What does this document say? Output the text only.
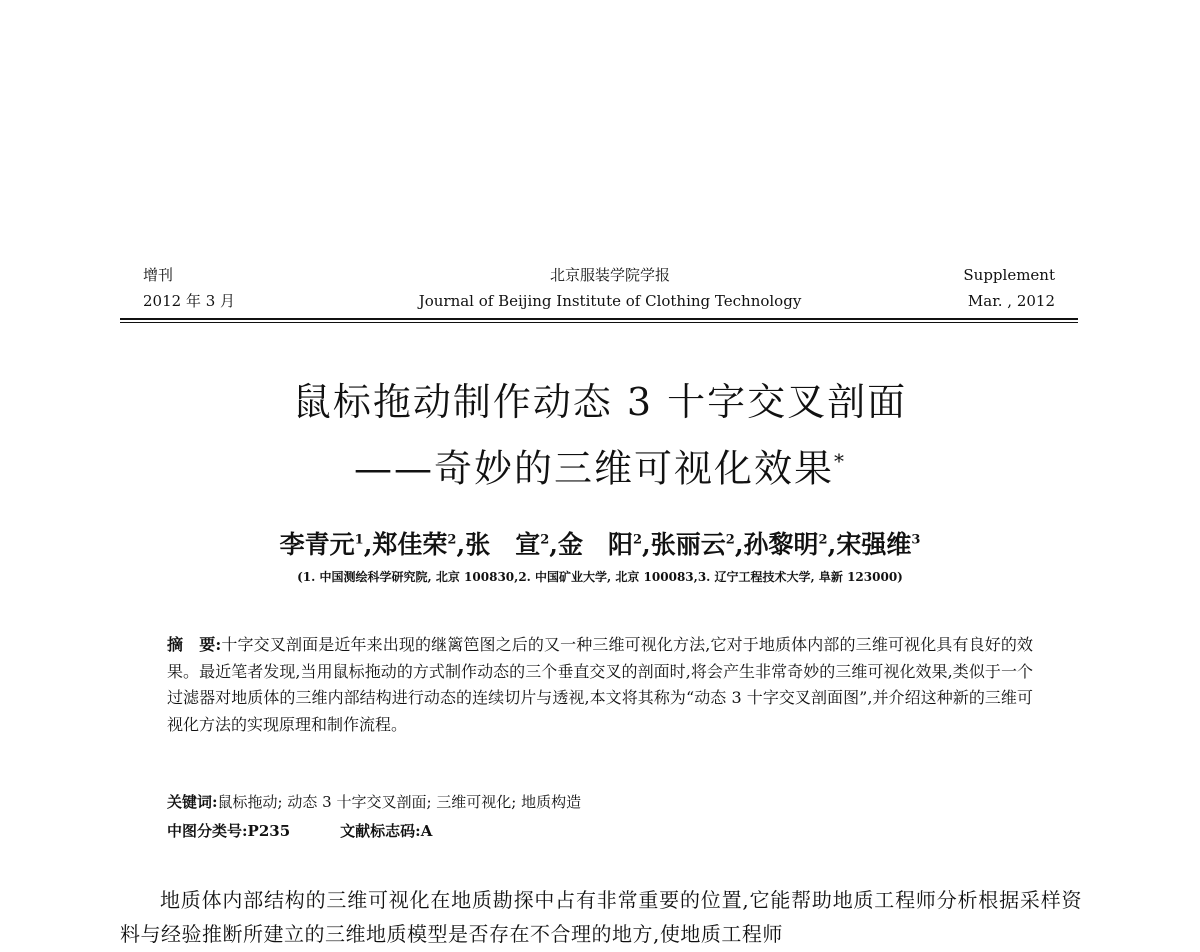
增刊
2012 年 3 月
北京服装学院学报
Journal of Beijing Institute of Clothing Technology
Supplement
Mar. , 2012
鼠标拖动制作动态 3 十字交叉剖面
——奇妙的三维可视化效果*
李青元$^1$,郑佳荣$^2$,张　宣$^2$,金　阳$^2$,张丽云$^2$,孙黎明$^2$,宋强维$^3$
(1. 中国测绘科学研究院, 北京 100830,2. 中国矿业大学, 北京 100083,3. 辽宁工程技术大学, 阜新 123000)
摘　要:十字交叉剖面是近年来出现的继篱笆图之后的又一种三维可视化方法,它对于地质体内部的三维可视化具有良好的效果。最近笔者发现,当用鼠标拖动的方式制作动态的三个垂直交叉的剖面时,将会产生非常奇妙的三维可视化效果,类似于一个过滤器对地质体的三维内部结构进行动态的连续切片与透视,本文将其称为“动态 3 十字交叉剖面图”,并介绍这种新的三维可视化方法的实现原理和制作流程。
关键词:鼠标拖动; 动态 3 十字交叉剖面; 三维可视化; 地质构造
中图分类号:P235	文献标志码:A
地质体内部结构的三维可视化在地质勘探中占有非常重要的位置,它能帮助地质工程师分析根据采样资料与经验推断所建立的三维地质模型是否存在不合理的地方,使地质工程师
